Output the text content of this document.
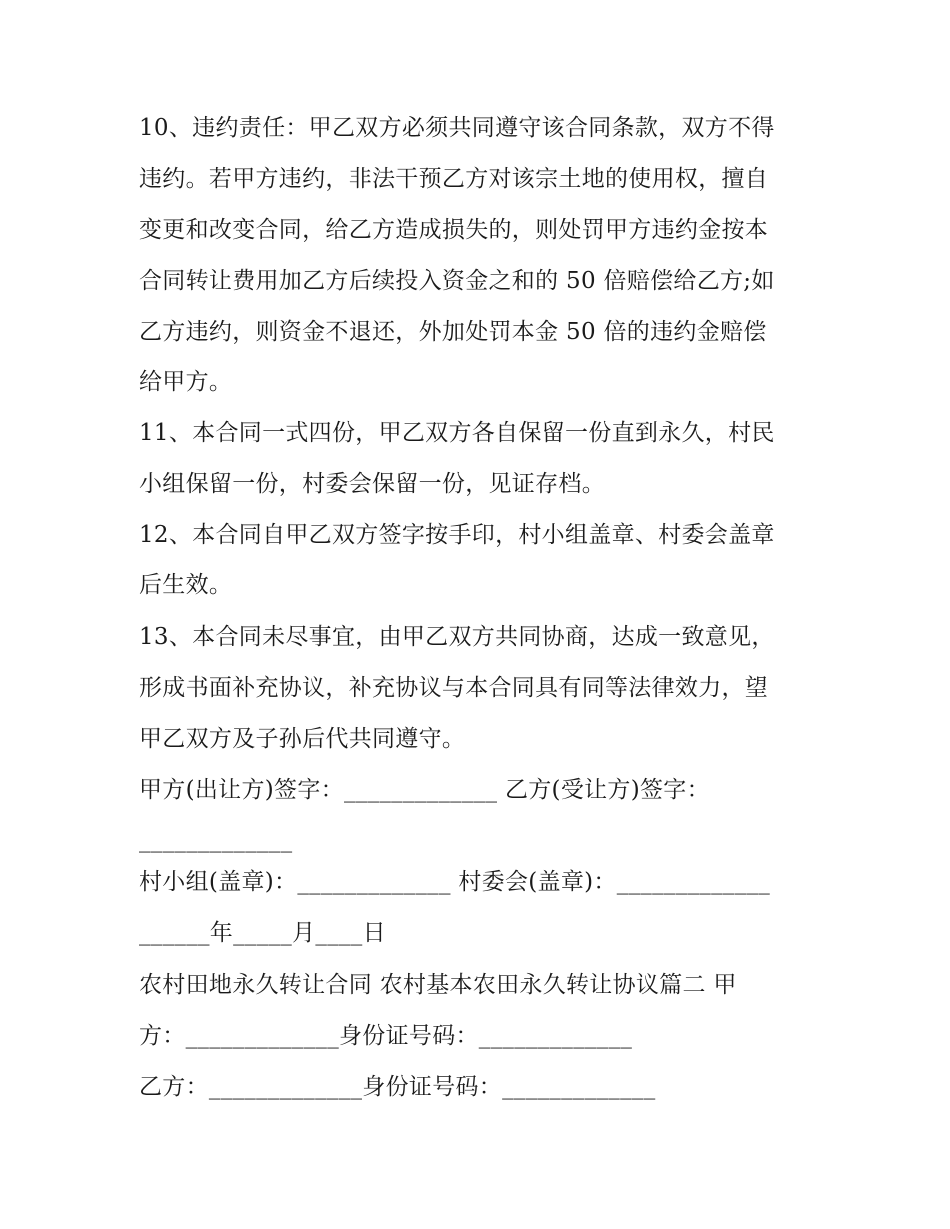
10、违约责任：甲乙双方必须共同遵守该合同条款，双方不得
违约。若甲方违约，非法干预乙方对该宗土地的使用权，擅自
变更和改变合同，给乙方造成损失的，则处罚甲方违约金按本
合同转让费用加乙方后续投入资金之和的 50 倍赔偿给乙方;如
乙方违约，则资金不退还，外加处罚本金 50 倍的违约金赔偿
给甲方。
11、本合同一式四份，甲乙双方各自保留一份直到永久，村民
小组保留一份，村委会保留一份，见证存档。
12、本合同自甲乙双方签字按手印，村小组盖章、村委会盖章
后生效。
13、本合同未尽事宜，由甲乙双方共同协商，达成一致意见，
形成书面补充协议，补充协议与本合同具有同等法律效力，望
甲乙双方及子孙后代共同遵守。
甲方(出让方)签字：_____________ 乙方(受让方)签字：
_____________
村小组(盖章)：_____________ 村委会(盖章)：_____________
______年_____月____日
农村田地永久转让合同 农村基本农田永久转让协议篇二 甲
方：_____________身份证号码：_____________
乙方：_____________身份证号码：_____________
